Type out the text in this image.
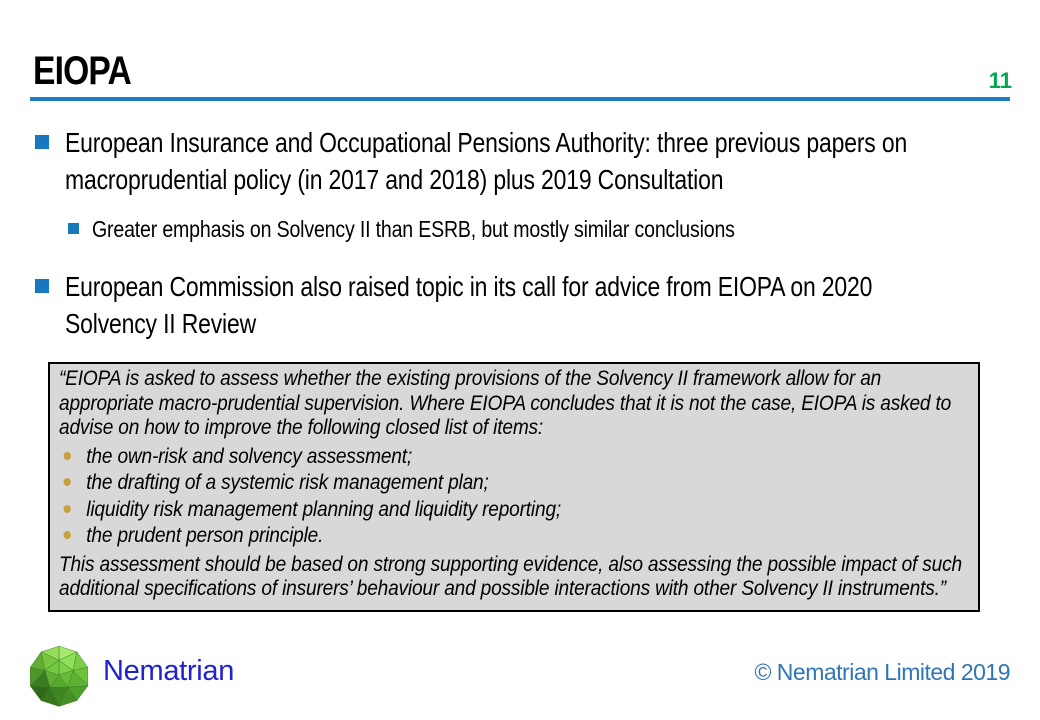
EIOPA	11
European Insurance and Occupational Pensions Authority: three previous papers on macroprudential policy (in 2017 and 2018) plus 2019 Consultation
Greater emphasis on Solvency II than ESRB, but mostly similar conclusions
European Commission also raised topic in its call for advice from EIOPA on 2020 Solvency II Review

“EIOPA is asked to assess whether the existing provisions of the Solvency II framework allow for an appropriate macro-prudential supervision. Where EIOPA concludes that it is not the case, EIOPA is asked to advise on how to improve the following closed list of items:

the own-risk and solvency assessment;
the drafting of a systemic risk management plan;
liquidity risk management planning and liquidity reporting;
the prudent person principle.

This assessment should be based on strong supporting evidence, also assessing the possible impact of such additional specifications of insurers’ behaviour and possible interactions with other Solvency II instruments.”

Nematrian	© Nematrian Limited 2019
